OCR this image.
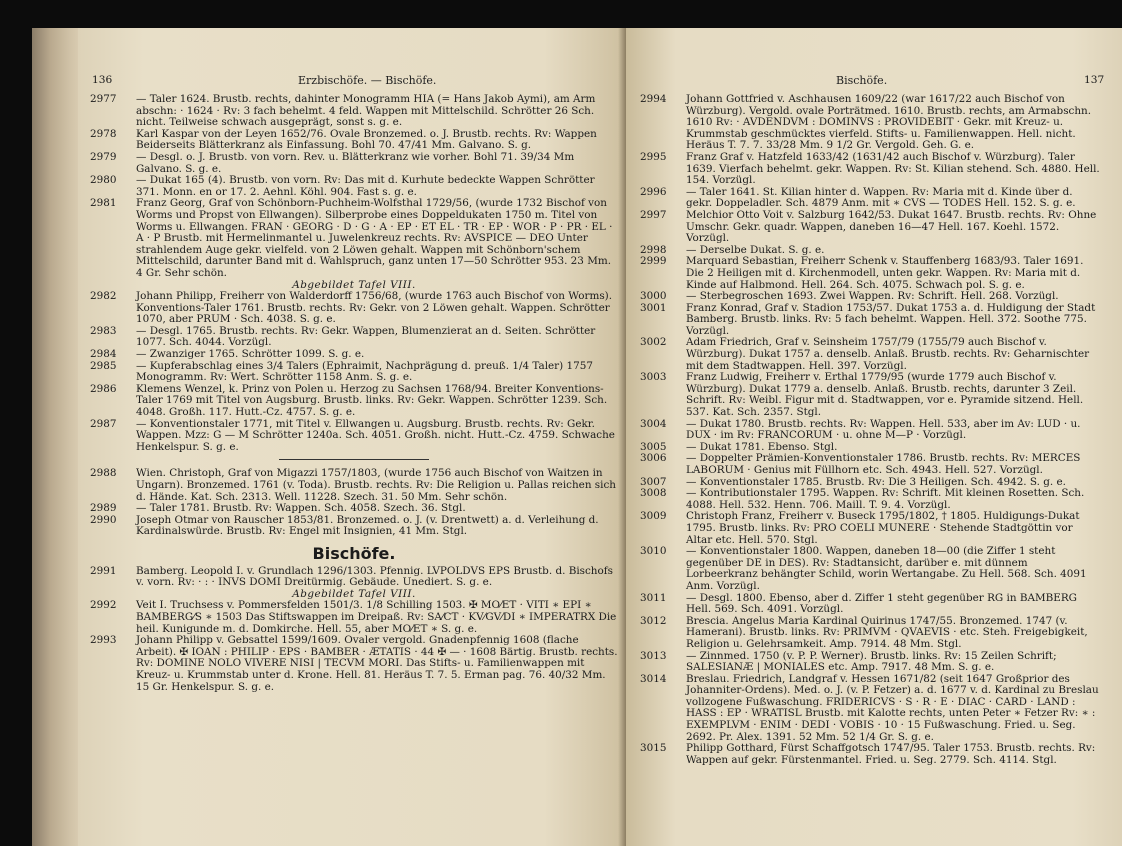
136	Erzbischöfe. — Bischöfe.
2977	— Taler 1624. Brustb. rechts, dahinter Monogramm HIA (= Hans Jakob Aymi), am Arm abschn: · 1624 · Rv: 3 fach behelmt. 4 feld. Wappen mit Mittelschild. Schrötter 26 Sch. nicht. Teilweise schwach ausgeprägt, sonst s. g. e.
2978	Karl Kaspar von der Leyen 1652/76. Ovale Bronzemed. o. J. Brustb. rechts. Rv: Wappen Beiderseits Blätterkranz als Einfassung. Bohl 70. 47/41 Mm. Galvano. S. g.
2979	— Desgl. o. J. Brustb. von vorn. Rev. u. Blätterkranz wie vorher. Bohl 71. 39/34 Mm Galvano. S. g. e.
2980	— Dukat 165 (4). Brustb. von vorn. Rv: Das mit d. Kurhute bedeckte Wappen Schrötter 371. Monn. en or 17. 2. Aehnl. Köhl. 904. Fast s. g. e.
2981	Franz Georg, Graf von Schönborn-Puchheim-Wolfsthal 1729/56, (wurde 1732 Bischof von Worms und Propst von Ellwangen). Silberprobe eines Doppeldukaten 1750 m. Titel von Worms u. Ellwangen. FRAN · GEORG · D · G · A · EP · ET EL · TR · EP · WOR · P · PR · EL · A · P Brustb. mit Hermelinmantel u. Juwelenkreuz rechts. Rv: AVSPICE — DEO Unter strahlendem Auge gekr. vielfeld. von 2 Löwen gehalt. Wappen mit Schönborn'schem Mittelschild, darunter Band mit d. Wahlspruch, ganz unten 17—50 Schrötter 953. 23 Mm. 4 Gr. Sehr schön.
Abgebildet Tafel VIII.
2982	Johann Philipp, Freiherr von Walderdorff 1756/68, (wurde 1763 auch Bischof von Worms). Konventions-Taler 1761. Brustb. rechts. Rv: Gekr. von 2 Löwen gehalt. Wappen. Schrötter 1070, aber PRUM · Sch. 4038. S. g. e.
2983	— Desgl. 1765. Brustb. rechts. Rv: Gekr. Wappen, Blumenzierat an d. Seiten. Schrötter 1077. Sch. 4044. Vorzügl.
2984	— Zwanziger 1765. Schrötter 1099. S. g. e.
2985	— Kupferabschlag eines 3/4 Talers (Ephraimit, Nachprägung d. preuß. 1/4 Taler) 1757 Monogramm. Rv: Wert. Schrötter 1158 Anm. S. g. e.
2986	Klemens Wenzel, k. Prinz von Polen u. Herzog zu Sachsen 1768/94. Breiter Konventions-Taler 1769 mit Titel von Augsburg. Brustb. links. Rv: Gekr. Wappen. Schrötter 1239. Sch. 4048. Großh. 117. Hutt.-Cz. 4757. S. g. e.
2987	— Konventionstaler 1771, mit Titel v. Ellwangen u. Augsburg. Brustb. rechts. Rv: Gekr. Wappen. Mzz: G — M Schrötter 1240a. Sch. 4051. Großh. nicht. Hutt.-Cz. 4759. Schwache Henkelspur. S. g. e.
2988	Wien. Christoph, Graf von Migazzi 1757/1803, (wurde 1756 auch Bischof von Waitzen in Ungarn). Bronzemed. 1761 (v. Toda). Brustb. rechts. Rv: Die Religion u. Pallas reichen sich d. Hände. Kat. Sch. 2313. Well. 11228. Szech. 31. 50 Mm. Sehr schön.
2989	— Taler 1781. Brustb. Rv: Wappen. Sch. 4058. Szech. 36. Stgl.
2990	Joseph Otmar von Rauscher 1853/81. Bronzemed. o. J. (v. Drentwett) a. d. Verleihung d. Kardinalswürde. Brustb. Rv: Engel mit Insignien, 41 Mm. Stgl.
Bischöfe.
2991	Bamberg. Leopold I. v. Grundlach 1296/1303. Pfennig. LVPOLDVS EPS Brustb. d. Bischofs v. vorn. Rv: · : · INVS DOMI Dreitürmig. Gebäude. Unediert. S. g. e.
Abgebildet Tafel VIII.
2992	Veit I. Truchsess v. Pommersfelden 1501/3. 1/8 Schilling 1503. ✠ MO⁄ET · VITI ∗ EPI ∗ BAMBERG⁄S ∗ 1503 Das Stiftswappen im Dreipaß. Rv: SA⁄CT · KV⁄GV⁄DI ∗ IMPERATRX Die heil. Kunigunde m. d. Domkirche. Hell. 55, aber MO⁄ET ∗ S. g. e.
2993	Johann Philipp v. Gebsattel 1599/1609. Ovaler vergold. Gnadenpfennig 1608 (flache Arbeit). ✠ IOAN : PHILIP · EPS · BAMBER · ÆTATIS · 44 ✠ — · 1608 Bärtig. Brustb. rechts. Rv: DOMINE NOLO VIVERE NISI | TECVM MORI. Das Stifts- u. Familienwappen mit Kreuz- u. Krummstab unter d. Krone. Hell. 81. Heräus T. 7. 5. Erman pag. 76. 40/32 Mm. 15 Gr. Henkelspur. S. g. e.
Bischöfe.	137
2994	Johann Gottfried v. Aschhausen 1609/22 (war 1617/22 auch Bischof von Würzburg). Vergold. ovale Porträtmed. 1610. Brustb. rechts, am Armabschn. 1610 Rv: · AVDENDVM : DOMINVS : PROVIDEBIT · Gekr. mit Kreuz- u. Krummstab geschmücktes vierfeld. Stifts- u. Familienwappen. Hell. nicht. Heräus T. 7. 7. 33/28 Mm. 9 1/2 Gr. Vergold. Geh. G. e.
2995	Franz Graf v. Hatzfeld 1633/42 (1631/42 auch Bischof v. Würzburg). Taler 1639. Vierfach behelmt. gekr. Wappen. Rv: St. Kilian stehend. Sch. 4880. Hell. 154. Vorzügl.
2996	— Taler 1641. St. Kilian hinter d. Wappen. Rv: Maria mit d. Kinde über d. gekr. Doppeladler. Sch. 4879 Anm. mit ∗ CVS — TODES Hell. 152. S. g. e.
2997	Melchior Otto Voit v. Salzburg 1642/53. Dukat 1647. Brustb. rechts. Rv: Ohne Umschr. Gekr. quadr. Wappen, daneben 16—47 Hell. 167. Koehl. 1572. Vorzügl.
2998	— Derselbe Dukat. S. g. e.
2999	Marquard Sebastian, Freiherr Schenk v. Stauffenberg 1683/93. Taler 1691. Die 2 Heiligen mit d. Kirchenmodell, unten gekr. Wappen. Rv: Maria mit d. Kinde auf Halbmond. Hell. 264. Sch. 4075. Schwach pol. S. g. e.
3000	— Sterbegroschen 1693. Zwei Wappen. Rv: Schrift. Hell. 268. Vorzügl.
3001	Franz Konrad, Graf v. Stadion 1753/57. Dukat 1753 a. d. Huldigung der Stadt Bamberg. Brustb. links. Rv: 5 fach behelmt. Wappen. Hell. 372. Soothe 775. Vorzügl.
3002	Adam Friedrich, Graf v. Seinsheim 1757/79 (1755/79 auch Bischof v. Würzburg). Dukat 1757 a. denselb. Anlaß. Brustb. rechts. Rv: Geharnischter mit dem Stadtwappen. Hell. 397. Vorzügl.
3003	Franz Ludwig, Freiherr v. Erthal 1779/95 (wurde 1779 auch Bischof v. Würzburg). Dukat 1779 a. denselb. Anlaß. Brustb. rechts, darunter 3 Zeil. Schrift. Rv: Weibl. Figur mit d. Stadtwappen, vor e. Pyramide sitzend. Hell. 537. Kat. Sch. 2357. Stgl.
3004	— Dukat 1780. Brustb. rechts. Rv: Wappen. Hell. 533, aber im Av: LUD · u. DUX · im Rv: FRANCORUM · u. ohne M—P · Vorzügl.
3005	— Dukat 1781. Ebenso. Stgl.
3006	— Doppelter Prämien-Konventionstaler 1786. Brustb. rechts. Rv: MERCES LABORUM · Genius mit Füllhorn etc. Sch. 4943. Hell. 527. Vorzügl.
3007	— Konventionstaler 1785. Brustb. Rv: Die 3 Heiligen. Sch. 4942. S. g. e.
3008	— Kontributionstaler 1795. Wappen. Rv: Schrift. Mit kleinen Rosetten. Sch. 4088. Hell. 532. Henn. 706. Maill. T. 9. 4. Vorzügl.
3009	Christoph Franz, Freiherr v. Buseck 1795/1802, † 1805. Huldigungs-Dukat 1795. Brustb. links. Rv: PRO COELI MUNERE · Stehende Stadtgöttin vor Altar etc. Hell. 570. Stgl.
3010	— Konventionstaler 1800. Wappen, daneben 18—00 (die Ziffer 1 steht gegenüber DE in DES). Rv: Stadtansicht, darüber e. mit dünnem Lorbeerkranz behängter Schild, worin Wertangabe. Zu Hell. 568. Sch. 4091 Anm. Vorzügl.
3011	— Desgl. 1800. Ebenso, aber d. Ziffer 1 steht gegenüber RG in BAMBERG Hell. 569. Sch. 4091. Vorzügl.
3012	Brescia. Angelus Maria Kardinal Quirinus 1747/55. Bronzemed. 1747 (v. Hamerani). Brustb. links. Rv: PRIMVM · QVAEVIS · etc. Steh. Freigebigkeit, Religion u. Gelehrsamkeit. Amp. 7914. 48 Mm. Stgl.
3013	— Zinnmed. 1750 (v. P. P. Werner). Brustb. links. Rv: 15 Zeilen Schrift; SALESIANÆ | MONIALES etc. Amp. 7917. 48 Mm. S. g. e.
3014	Breslau. Friedrich, Landgraf v. Hessen 1671/82 (seit 1647 Großprior des Johanniter-Ordens). Med. o. J. (v. P. Fetzer) a. d. 1677 v. d. Kardinal zu Breslau vollzogene Fußwaschung. FRIDERICVS · S · R · E · DIAC · CARD · LAND : HASS : EP · WRATISL Brustb. mit Kalotte rechts, unten Peter ∗ Fetzer Rv: ∗ : EXEMPLVM · ENIM · DEDI · VOBIS · 10 · 15 Fußwaschung. Fried. u. Seg. 2692. Pr. Alex. 1391. 52 Mm. 52 1/4 Gr. S. g. e.
3015	Philipp Gotthard, Fürst Schaffgotsch 1747/95. Taler 1753. Brustb. rechts. Rv: Wappen auf gekr. Fürstenmantel. Fried. u. Seg. 2779. Sch. 4114. Stgl.
